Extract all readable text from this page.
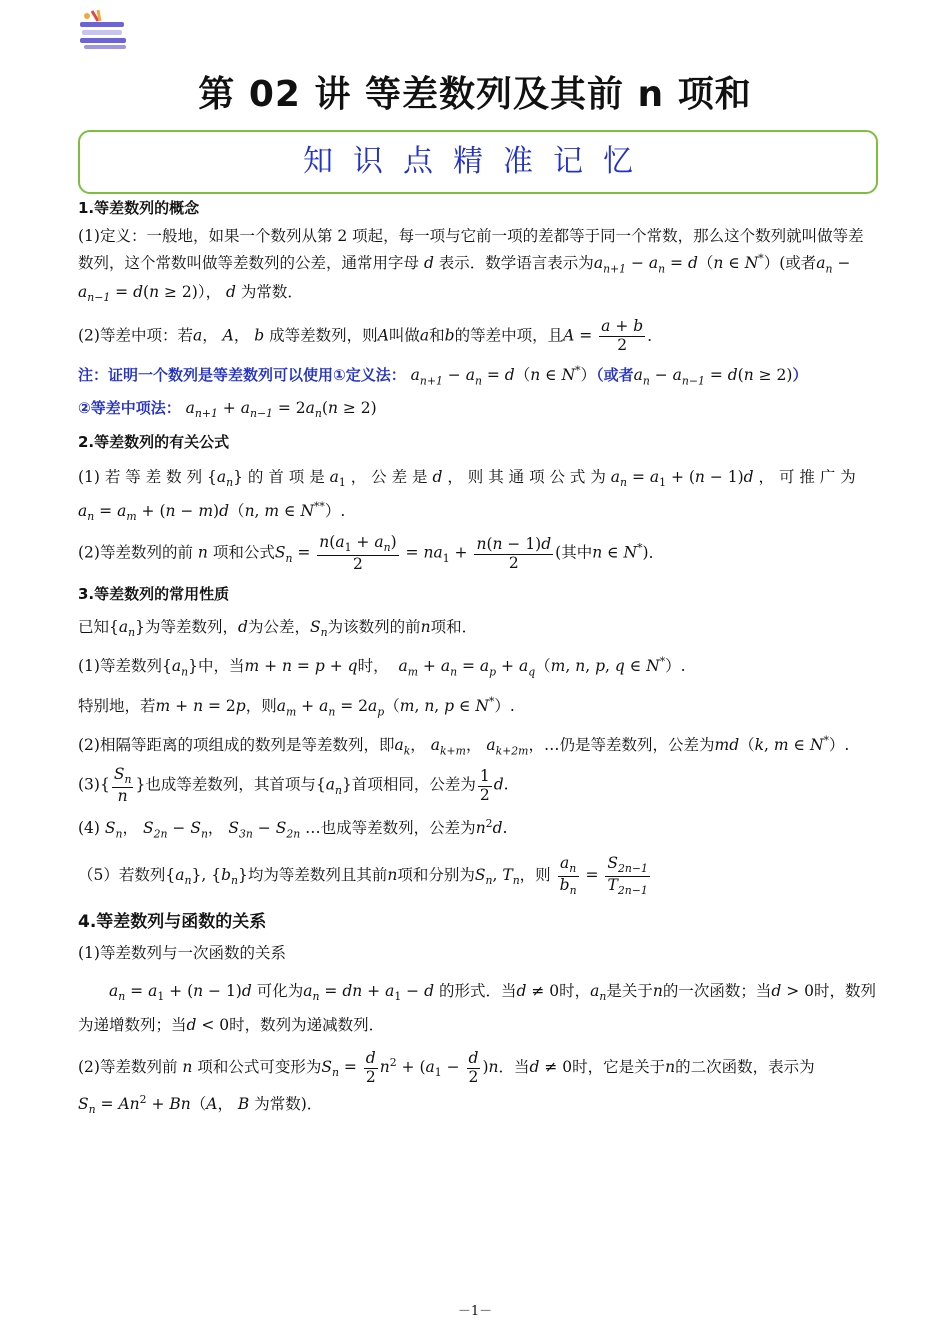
第 02 讲 等差数列及其前 n 项和
知识点精准记忆

1.等差数列的概念

(1)定义：一般地，如果一个数列从第 2 项起，每一项与它前一项的差都等于同一个常数，那么这个数列就叫做等差数列，这个常数叫做等差数列的公差，通常用字母 d 表示．数学语言表示为$a_{n+1} - a_n = d(n$ ∈ N*）(或者$a_n - a_{n-1} = d(n \ge 2)$）， d 为常数．

(2)等差中项：若a， A， b 成等差数列，则A叫做a和b的等差中项，且$A = \frac{a + b}{2}$ ．

注：证明一个数列是等差数列可以使用①定义法： $a_{n+1} - a_n = d(n$ ∈ N*）（或者$a_n - a_{n-1} = d(n \ge 2)$）

②等差中项法： $a_{n+1} + a_{n-1} = 2a_n(n \ge 2)$

2.等差数列的有关公式

(1) 若 等 差 数 列 $\{a_n\}$ 的 首 项 是 $a_1$ ， 公 差 是 d ， 则 其 通 项 公 式 为 $a_n = a_1 + (n - 1)d$ ， 可 推 广 为
$a_n = a_m + (n - m)d(n$, m ∈ N**）.

(2)等差数列的前 n 项和公式$S_n = \frac{n(a_1 + a_n)}{2} = na_1 + \frac{n(n - 1)d}{2}$ (其中n ∈ N*)．

3.等差数列的常用性质

已知$\{a_n\}$为等差数列，d为公差，$S_n$为该数列的前n项和．

(1)等差数列$\{a_n\}$中，当m + n = p + q时， $a_m + a_n = a_p + a_q(m$, n, p, q ∈ N*）.

特别地，若m + n = 2p，则$a_m + a_n = 2a_p(m$, n, p ∈ N*）.

(2)相隔等距离的项组成的数列是等差数列，即$a_k$， $a_{k+m}$， $a_{k+2m}$，…仍是等差数列，公差为md（k, m ∈ N*）.

$(3)\{ \frac{S_n}{n}$ }也成等差数列，其首项与$\{a_n\}$首项相同，公差为 $\frac{1}{2} d$.

(4) $S_n$， $S_{2n} - S_n$， $S_{3n} - S_{2n}$ …也成等差数列，公差为$n^2d$.

（5）若数列$\{a_n\}$, $\{b_n\}$均为等差数列且其前n项和分别为$S_n$, $T_n$，则 $\frac{a_n}{b_n} = \frac{S_{2n-1}}{T_{2n-1}}$

4.等差数列与函数的关系

(1)等差数列与一次函数的关系

$a_n = a_1 + (n - 1)d$ 可化为$a_n$ = dn + $a_1 - d$ 的形式．当d ≠ 0时，$a_n$是关于n的一次函数；当d > 0时，数列为递增数列；当d < 0时，数列为递减数列．

(2)等差数列前 n 项和公式可变形为$S_n = \frac{d}{2} n^2 + (a_1 - \frac{d}{2} )n$．当d ≠ 0时，它是关于n的二次函数，表示为
$S_n = An^2 + Bn(A$， B 为常数)．

－1－
